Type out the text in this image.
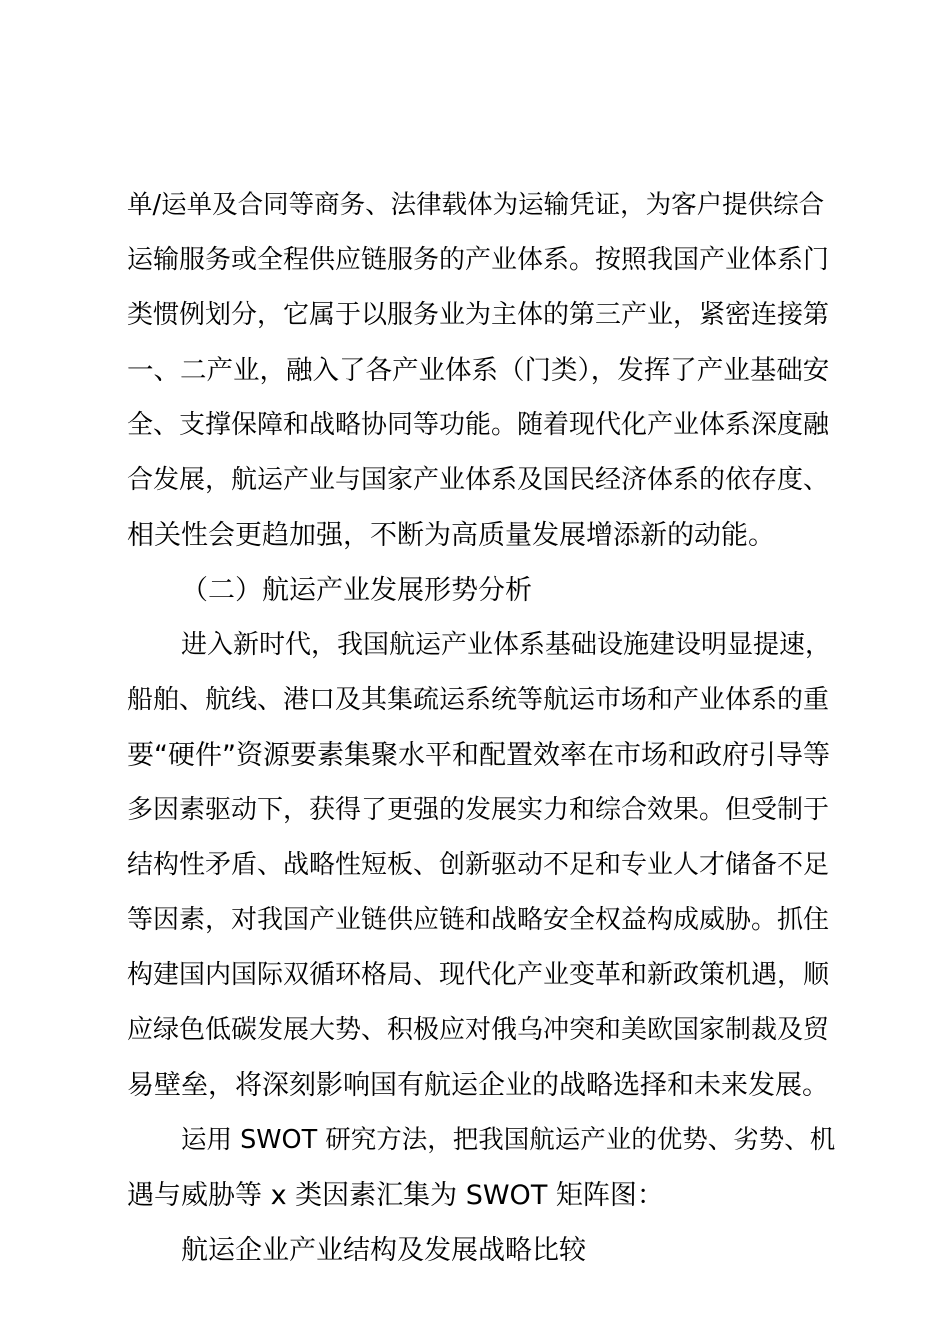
单/运单及合同等商务、法律载体为运输凭证，为客户提供综合
运输服务或全程供应链服务的产业体系。按照我国产业体系门
类惯例划分，它属于以服务业为主体的第三产业，紧密连接第
一、二产业，融入了各产业体系（门类），发挥了产业基础安
全、支撑保障和战略协同等功能。随着现代化产业体系深度融
合发展，航运产业与国家产业体系及国民经济体系的依存度、
相关性会更趋加强，不断为高质量发展增添新的动能。
（二）航运产业发展形势分析
进入新时代，我国航运产业体系基础设施建设明显提速，
船舶、航线、港口及其集疏运系统等航运市场和产业体系的重
要“硬件”资源要素集聚水平和配置效率在市场和政府引导等
多因素驱动下，获得了更强的发展实力和综合效果。但受制于
结构性矛盾、战略性短板、创新驱动不足和专业人才储备不足
等因素，对我国产业链供应链和战略安全权益构成威胁。抓住
构建国内国际双循环格局、现代化产业变革和新政策机遇，顺
应绿色低碳发展大势、积极应对俄乌冲突和美欧国家制裁及贸
易壁垒，将深刻影响国有航运企业的战略选择和未来发展。
运用 SWOT 研究方法，把我国航运产业的优势、劣势、机
遇与威胁等 x 类因素汇集为 SWOT 矩阵图：
航运企业产业结构及发展战略比较
